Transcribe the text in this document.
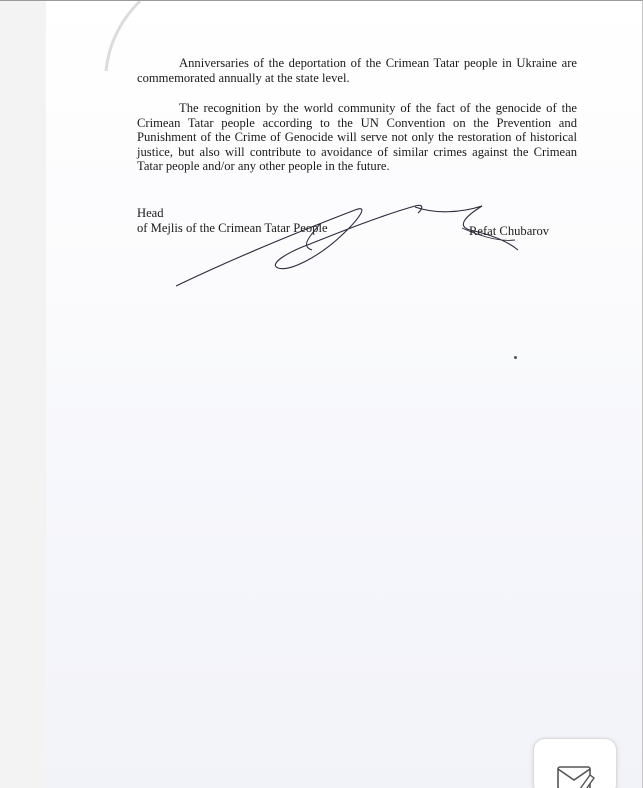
Anniversaries of the deportation of the Crimean Tatar people in Ukraine are commemorated annually at the state level.

The recognition by the world community of the fact of the genocide of the Crimean Tatar people according to the UN Convention on the Prevention and Punishment of the Crime of Genocide will serve not only the restoration of historical justice, but also will contribute to avoidance of similar crimes against the Crimean Tatar people and/or any other people in the future.

Head
of Mejlis of the Crimean Tatar People	Refat Chubarov
